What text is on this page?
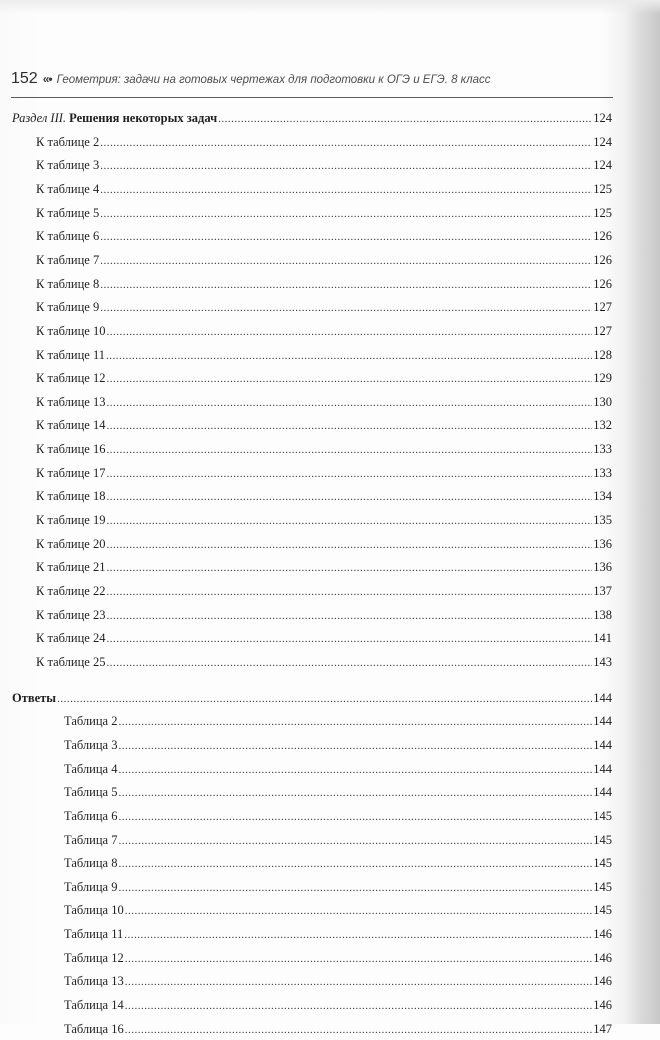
152 «• Геометрия: задачи на готовых чертежах для подготовки к ОГЭ и ЕГЭ. 8 класс
Раздел III. Решения некоторых задач .....	124
К таблице 2 .....	124
К таблице 3 .....	124
К таблице 4 .....	125
К таблице 5 .....	125
К таблице 6 .....	126
К таблице 7 .....	126
К таблице 8 .....	126
К таблице 9 .....	127
К таблице 10 .....	127
К таблице 11 .....	128
К таблице 12 .....	129
К таблице 13 .....	130
К таблице 14 .....	132
К таблице 16 .....	133
К таблице 17 .....	133
К таблице 18 .....	134
К таблице 19 .....	135
К таблице 20 .....	136
К таблице 21 .....	136
К таблице 22 .....	137
К таблице 23 .....	138
К таблице 24 .....	141
К таблице 25 .....	143
Ответы .....	144
Таблица 2 .....	144
Таблица 3 .....	144
Таблица 4 .....	144
Таблица 5 .....	144
Таблица 6 .....	145
Таблица 7 .....	145
Таблица 8 .....	145
Таблица 9 .....	145
Таблица 10 .....	145
Таблица 11 .....	146
Таблица 12 .....	146
Таблица 13 .....	146
Таблица 14 .....	146
Таблица 16 .....	147
